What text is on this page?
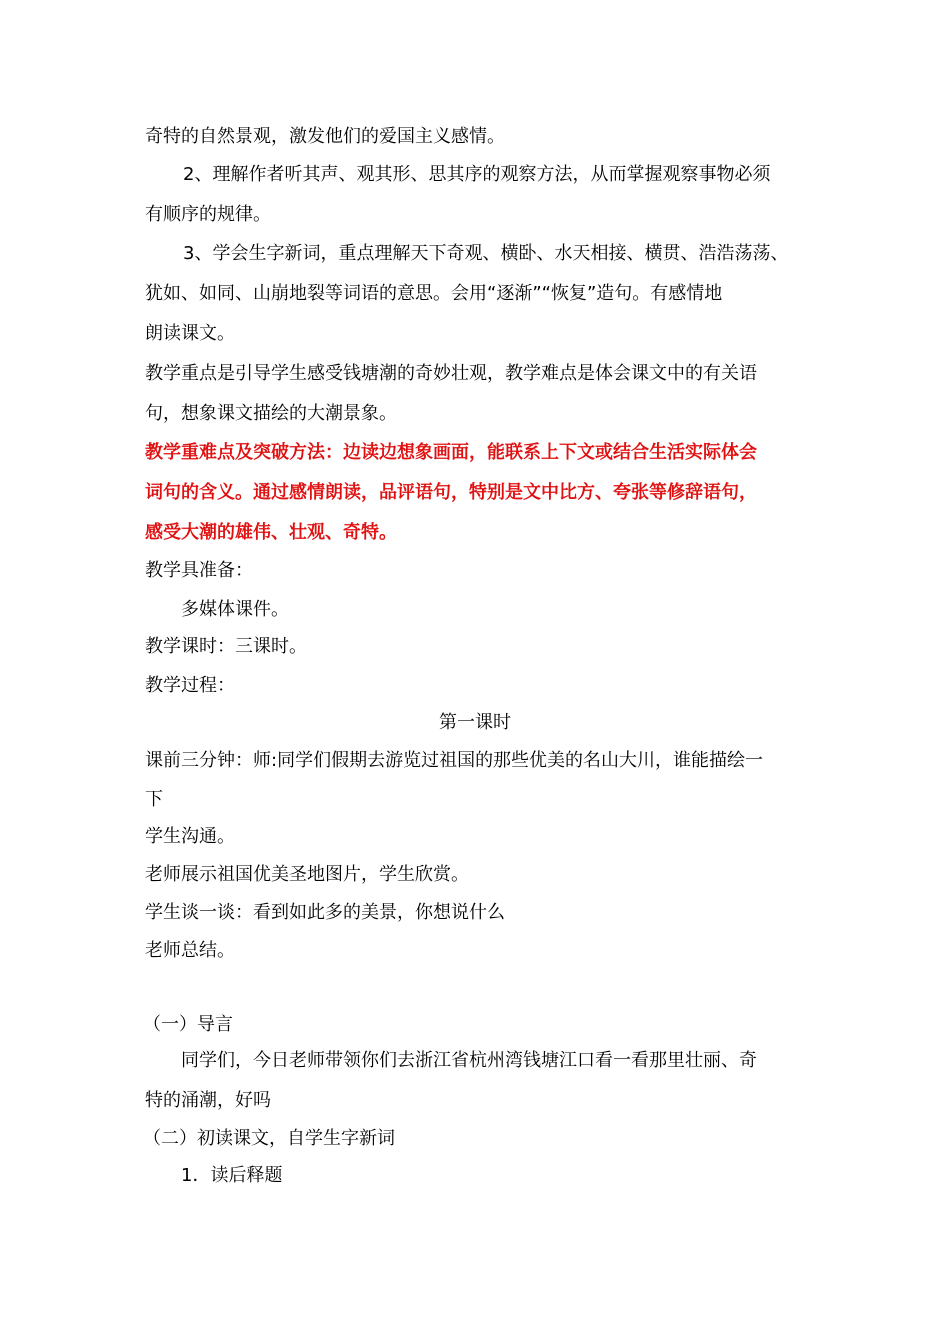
奇特的自然景观，激发他们的爱国主义感情。
2、理解作者听其声、观其形、思其序的观察方法，从而掌握观察事物必须
有顺序的规律。
3、学会生字新词，重点理解天下奇观、横卧、水天相接、横贯、浩浩荡荡、
犹如、如同、山崩地裂等词语的意思。会用“逐渐”“恢复”造句。有感情地
朗读课文。
教学重点是引导学生感受钱塘潮的奇妙壮观，教学难点是体会课文中的有关语
句，想象课文描绘的大潮景象。
教学重难点及突破方法：边读边想象画面，能联系上下文或结合生活实际体会
词句的含义。通过感情朗读，品评语句，特别是文中比方、夸张等修辞语句，
感受大潮的雄伟、壮观、奇特。
教学具准备：
多媒体课件。
教学课时：三课时。
教学过程：
第一课时
课前三分钟：师:同学们假期去游览过祖国的那些优美的名山大川，谁能描绘一
下
学生沟通。
老师展示祖国优美圣地图片，学生欣赏。
学生谈一谈：看到如此多的美景，你想说什么
老师总结。
（一）导言
同学们，今日老师带领你们去浙江省杭州湾钱塘江口看一看那里壮丽、奇
特的涌潮，好吗
（二）初读课文，自学生字新词
1．读后释题
